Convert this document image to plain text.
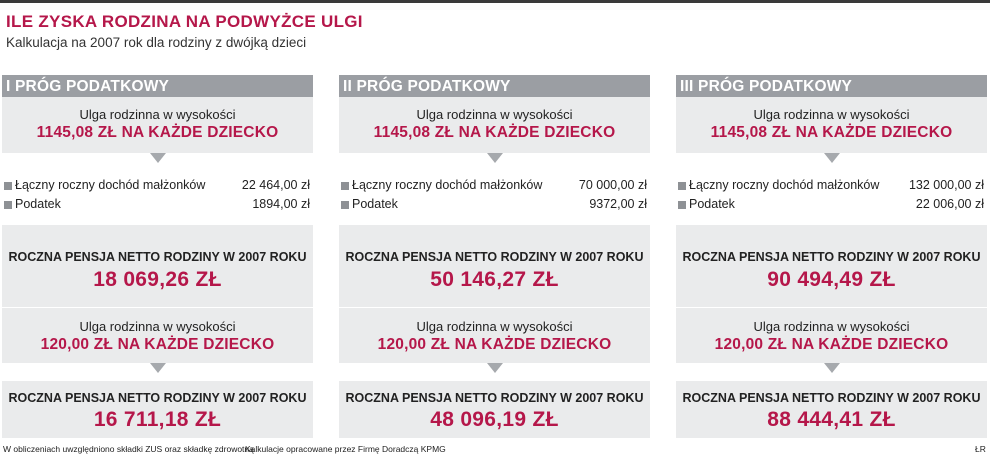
ILE ZYSKA RODZINA NA PODWYŻCE ULGI
Kalkulacja na 2007 rok dla rodziny z dwójką dzieci
I PRÓG PODATKOWY
Ulga rodzinna w wysokości
1145,08 ZŁ NA KAŻDE DZIECKO
Łączny roczny dochód małżonków	22 464,00 zł
Podatek	1894,00 zł
ROCZNA PENSJA NETTO RODZINY W 2007 ROKU
18 069,26 ZŁ
Ulga rodzinna w wysokości
120,00 ZŁ NA KAŻDE DZIECKO
ROCZNA PENSJA NETTO RODZINY W 2007 ROKU
16 711,18 ZŁ
II PRÓG PODATKOWY
Ulga rodzinna w wysokości
1145,08 ZŁ NA KAŻDE DZIECKO
Łączny roczny dochód małżonków	70 000,00 zł
Podatek	9372,00 zł
ROCZNA PENSJA NETTO RODZINY W 2007 ROKU
50 146,27 ZŁ
Ulga rodzinna w wysokości
120,00 ZŁ NA KAŻDE DZIECKO
ROCZNA PENSJA NETTO RODZINY W 2007 ROKU
48 096,19 ZŁ
III PRÓG PODATKOWY
Ulga rodzinna w wysokości
1145,08 ZŁ NA KAŻDE DZIECKO
Łączny roczny dochód małżonków 132 000,00 zł
Podatek	22 006,00 zł
ROCZNA PENSJA NETTO RODZINY W 2007 ROKU
90 494,49 ZŁ
Ulga rodzinna w wysokości
120,00 ZŁ NA KAŻDE DZIECKO
ROCZNA PENSJA NETTO RODZINY W 2007 ROKU
88 444,41 ZŁ
W obliczeniach uwzględniono składki ZUS oraz składkę zdrowotną
Kalkulacje opracowane przez Firmę Doradczą KPMG	ŁR
